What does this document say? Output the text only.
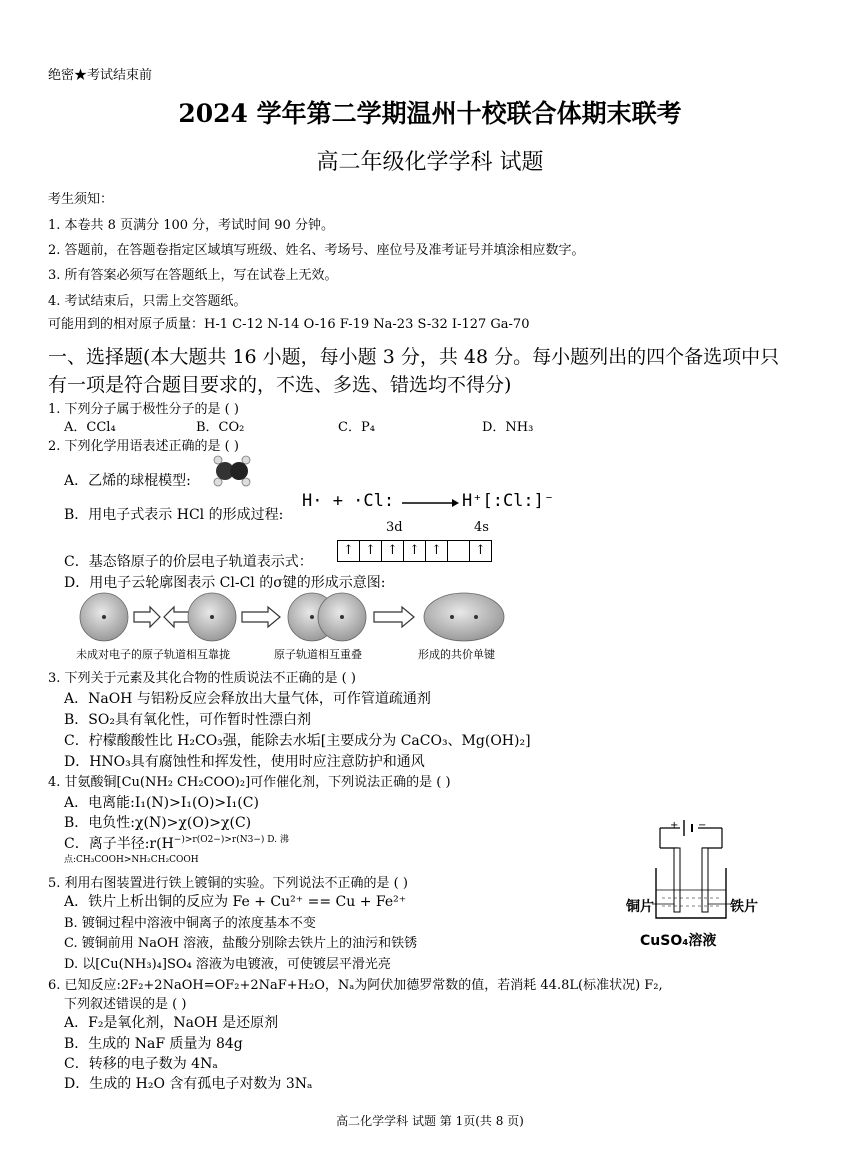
绝密★考试结束前
2024 学年第二学期温州十校联合体期末联考
高二年级化学学科 试题
考生须知：
1. 本卷共 8 页满分 100 分，考试时间 90 分钟。
2. 答题前，在答题卷指定区域填写班级、姓名、考场号、座位号及准考证号并填涂相应数字。
3. 所有答案必须写在答题纸上，写在试卷上无效。
4. 考试结束后，只需上交答题纸。
可能用到的相对原子质量：H-1 C-12 N-14 O-16 F-19 Na-23 S-32 I-127 Ga-70
一、选择题(本大题共 16 小题，每小题 3 分，共 48 分。每小题列出的四个备选项中只
有一项是符合题目要求的，不选、多选、错选均不得分)
1. 下列分子属于极性分子的是 ( )
A．CCl₄	B．CO₂	C．P₄	D．NH₃
2. 下列化学用语表述正确的是 ( )
A．乙烯的球棍模型:
B．用电子式表示 HCl 的形成过程:
H· + ·Cl:	H⁺[:Cl:]⁻
3d	4s
C．基态铬原子的价层电子轨道表示式：
↑ ↑ ↑ ↑ ↑	↑
D．用电子云轮廓图表示 Cl-Cl 的σ键的形成示意图:
未成对电子的原子轨道相互靠拢	原子轨道相互重叠	形成的共价单键
3. 下列关于元素及其化合物的性质说法不正确的是 ( )
A．NaOH 与铝粉反应会释放出大量气体，可作管道疏通剂
B．SO₂具有氧化性，可作暂时性漂白剂
C．柠檬酸酸性比 H₂CO₃强，能除去水垢[主要成分为 CaCO₃、Mg(OH)₂]
D．HNO₃具有腐蚀性和挥发性，使用时应注意防护和通风
4. 甘氨酸铜[Cu(NH₂ CH₂COO)₂]可作催化剂，下列说法正确的是 ( )
A．电离能:I₁(N)>I₁(O)>I₁(C)
B．电负性:χ(N)>χ(O)>χ(C)
C．离子半径$:r(H^{-)>r(O2-)>r(N3-) D. 沸}$
点:CH₃COOH>NH₂CH₂COOH
+ −
铜片	铁片
CuSO₄溶液
5. 利用右图装置进行铁上镀铜的实验。下列说法不正确的是 ( )
A．铁片上析出铜的反应为 Fe + Cu²⁺ == Cu + Fe²⁺
B. 镀铜过程中溶液中铜离子的浓度基本不变
C. 镀铜前用 NaOH 溶液，盐酸分别除去铁片上的油污和铁锈
D. 以[Cu(NH₃)₄]SO₄ 溶液为电镀液，可使镀层平滑光亮
6. 已知反应:2F₂+2NaOH=OF₂+2NaF+H₂O，Nₐ为阿伏加德罗常数的值，若消耗 44.8L(标准状况) F₂,
下列叙述错误的是 ( )
A．F₂是氧化剂，NaOH 是还原剂
B．生成的 NaF 质量为 84g
C．转移的电子数为 4Nₐ
D．生成的 H₂O 含有孤电子对数为 3Nₐ
高二化学学科 试题 第 1页(共 8 页)
